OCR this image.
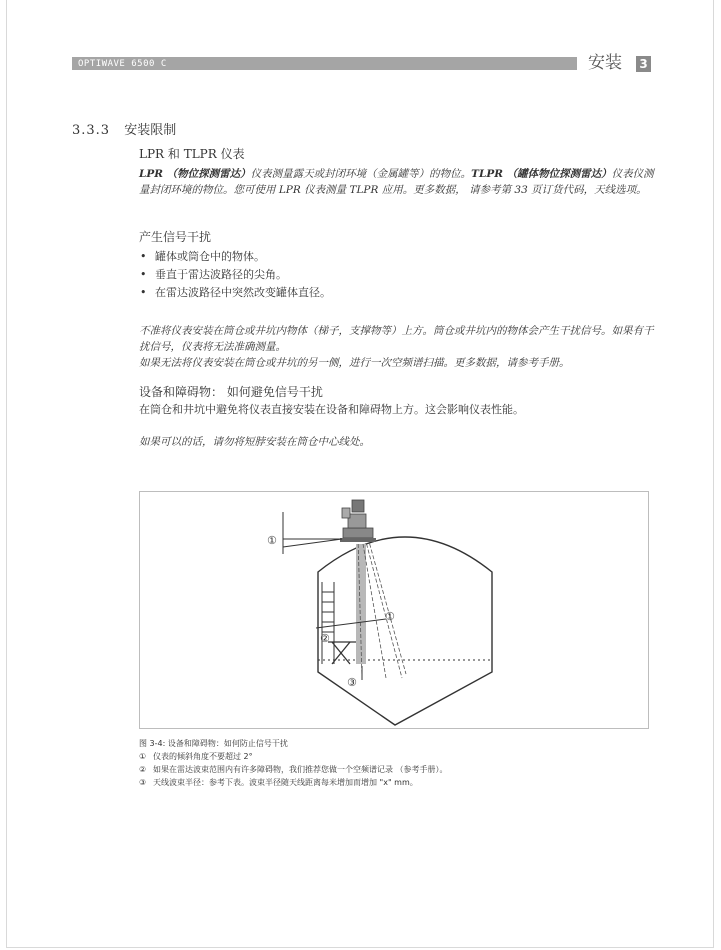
OPTIWAVE 6500 C	安装 3
3.3.3 安装限制
LPR 和 TLPR 仪表
LPR （物位探测雷达）仪表测量露天或封闭环境（金属罐等）的物位。TLPR （罐体物位探测雷达）仪表仪测量封闭环境的物位。您可使用 LPR 仪表测量 TLPR 应用。更多数据， 请参考第 33 页订货代码，天线选项。
产生信号干扰
• 罐体或筒仓中的物体。
• 垂直于雷达波路径的尖角。
• 在雷达波路径中突然改变罐体直径。
不准将仪表安装在筒仓或井坑内物体（梯子，支撑物等）上方。筒仓或井坑内的物体会产生干扰信号。如果有干扰信号，仪表将无法准确测量。
如果无法将仪表安装在筒仓或井坑的另一侧，进行一次空频谱扫描。更多数据，请参考手册。
设备和障碍物： 如何避免信号干扰
在筒仓和井坑中避免将仪表直接安装在设备和障碍物上方。这会影响仪表性能。
如果可以的话，请勿将短脖安装在筒仓中心线处。
①
①
②
③
图 3-4: 设备和障碍物：如何防止信号干扰
① 仪表的倾斜角度不要超过 2°
② 如果在雷达波束范围内有许多障碍物，我们推荐您做一个空频谱记录 （参考手册）。
③ 天线波束半径：参考下表。波束半径随天线距离每米增加而增加 "x" mm。
